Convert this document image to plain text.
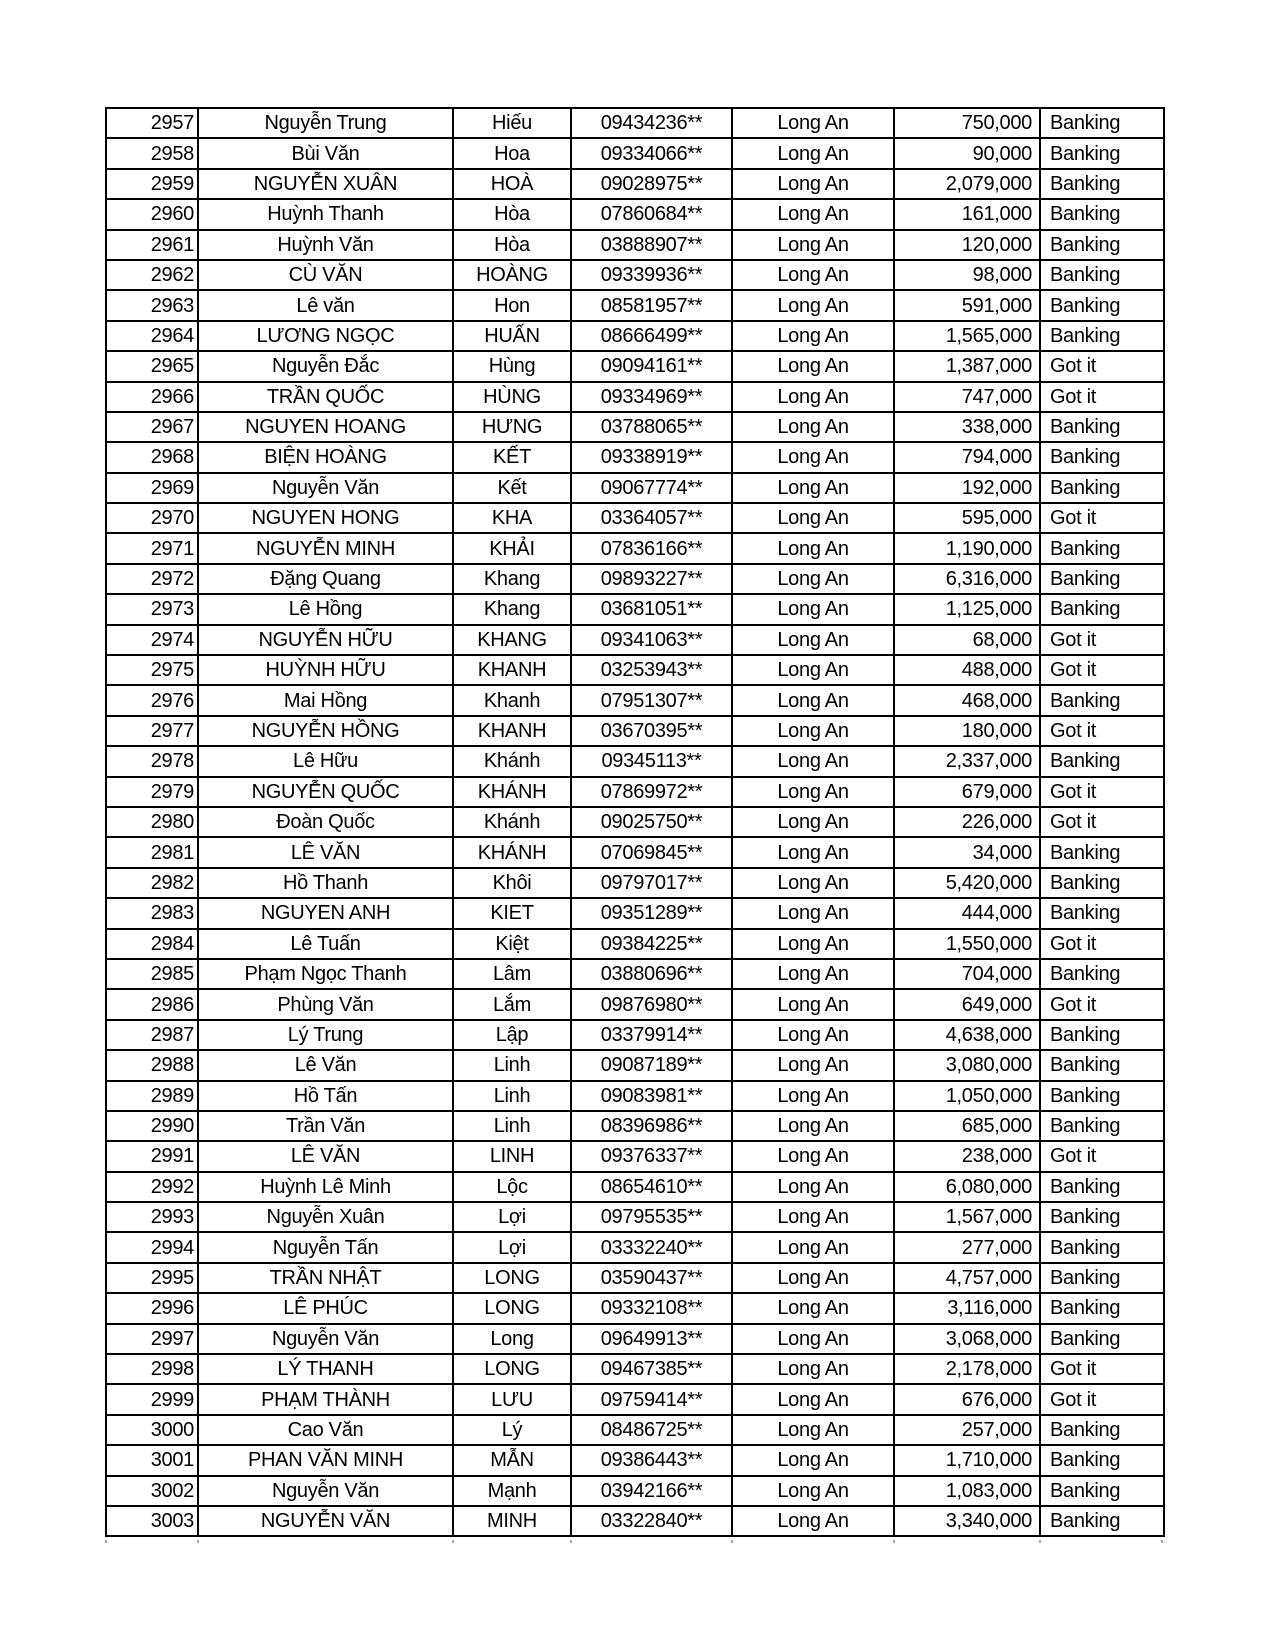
2957	Nguyễn Trung	Hiếu	09434236**	Long An	750,000	Banking
2958	Bùi Văn	Hoa	09334066**	Long An	90,000	Banking
2959	NGUYỄN XUÂN	HOÀ	09028975**	Long An	2,079,000	Banking
2960	Huỳnh Thanh	Hòa	07860684**	Long An	161,000	Banking
2961	Huỳnh Văn	Hòa	03888907**	Long An	120,000	Banking
2962	CÙ VĂN	HOÀNG	09339936**	Long An	98,000	Banking
2963	Lê văn	Hon	08581957**	Long An	591,000	Banking
2964	LƯƠNG NGỌC	HUẤN	08666499**	Long An	1,565,000	Banking
2965	Nguyễn Đắc	Hùng	09094161**	Long An	1,387,000	Got it
2966	TRẦN QUỐC	HÙNG	09334969**	Long An	747,000	Got it
2967	NGUYEN HOANG	HƯNG	03788065**	Long An	338,000	Banking
2968	BIỆN HOÀNG	KẾT	09338919**	Long An	794,000	Banking
2969	Nguyễn Văn	Kết	09067774**	Long An	192,000	Banking
2970	NGUYEN HONG	KHA	03364057**	Long An	595,000	Got it
2971	NGUYỄN MINH	KHẢI	07836166**	Long An	1,190,000	Banking
2972	Đặng Quang	Khang	09893227**	Long An	6,316,000	Banking
2973	Lê Hồng	Khang	03681051**	Long An	1,125,000	Banking
2974	NGUYỄN HỮU	KHANG	09341063**	Long An	68,000	Got it
2975	HUỲNH HỮU	KHANH	03253943**	Long An	488,000	Got it
2976	Mai Hồng	Khanh	07951307**	Long An	468,000	Banking
2977	NGUYỄN HỒNG	KHANH	03670395**	Long An	180,000	Got it
2978	Lê Hữu	Khánh	09345113**	Long An	2,337,000	Banking
2979	NGUYỄN QUỐC	KHÁNH	07869972**	Long An	679,000	Got it
2980	Đoàn Quốc	Khánh	09025750**	Long An	226,000	Got it
2981	LÊ VĂN	KHÁNH	07069845**	Long An	34,000	Banking
2982	Hồ Thanh	Khôi	09797017**	Long An	5,420,000	Banking
2983	NGUYEN ANH	KIET	09351289**	Long An	444,000	Banking
2984	Lê Tuấn	Kiệt	09384225**	Long An	1,550,000	Got it
2985	Phạm Ngọc Thanh	Lâm	03880696**	Long An	704,000	Banking
2986	Phùng Văn	Lắm	09876980**	Long An	649,000	Got it
2987	Lý Trung	Lập	03379914**	Long An	4,638,000	Banking
2988	Lê Văn	Linh	09087189**	Long An	3,080,000	Banking
2989	Hồ Tấn	Linh	09083981**	Long An	1,050,000	Banking
2990	Trần Văn	Linh	08396986**	Long An	685,000	Banking
2991	LÊ VĂN	LINH	09376337**	Long An	238,000	Got it
2992	Huỳnh Lê Minh	Lộc	08654610**	Long An	6,080,000	Banking
2993	Nguyễn Xuân	Lợi	09795535**	Long An	1,567,000	Banking
2994	Nguyễn Tấn	Lợi	03332240**	Long An	277,000	Banking
2995	TRẦN NHẬT	LONG	03590437**	Long An	4,757,000	Banking
2996	LÊ PHÚC	LONG	09332108**	Long An	3,116,000	Banking
2997	Nguyễn Văn	Long	09649913**	Long An	3,068,000	Banking
2998	LÝ THANH	LONG	09467385**	Long An	2,178,000	Got it
2999	PHẠM THÀNH	LƯU	09759414**	Long An	676,000	Got it
3000	Cao Văn	Lý	08486725**	Long An	257,000	Banking
3001	PHAN VĂN MINH	MẪN	09386443**	Long An	1,710,000	Banking
3002	Nguyễn Văn	Mạnh	03942166**	Long An	1,083,000	Banking
3003	NGUYỄN VĂN	MINH	03322840**	Long An	3,340,000	Banking
